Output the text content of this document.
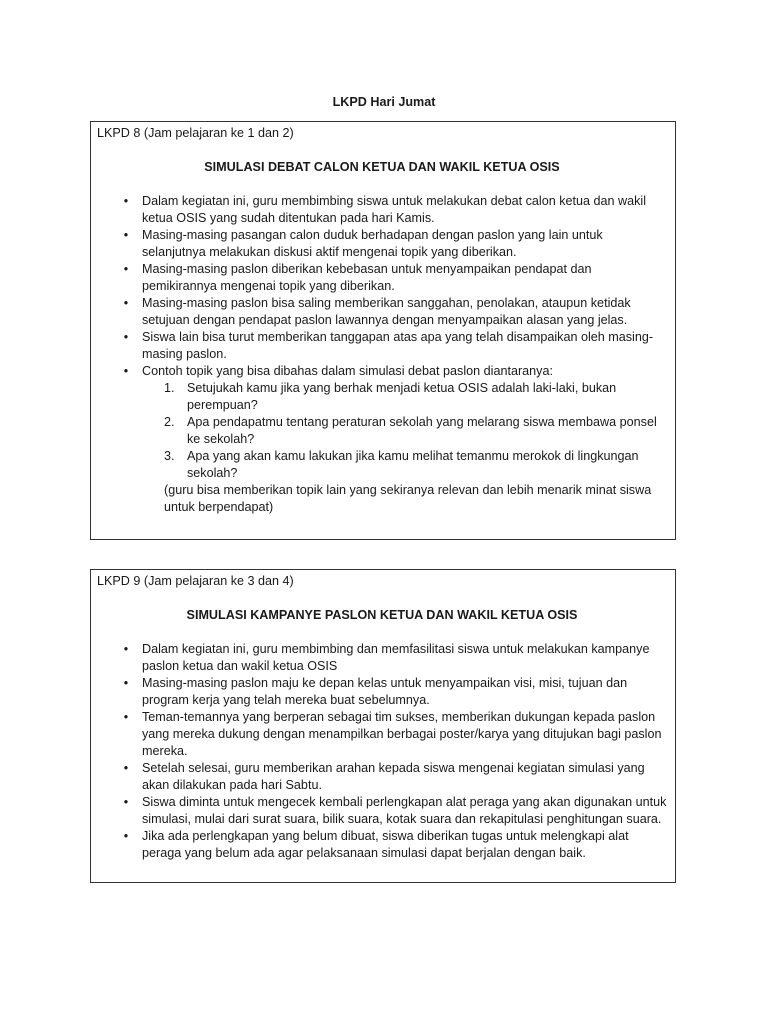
LKPD Hari Jumat
LKPD 8 (Jam pelajaran ke 1 dan 2)
SIMULASI DEBAT CALON KETUA DAN WAKIL KETUA OSIS
• Dalam kegiatan ini, guru membimbing siswa untuk melakukan debat calon ketua dan wakil ketua OSIS yang sudah ditentukan pada hari Kamis.
• Masing-masing pasangan calon duduk berhadapan dengan paslon yang lain untuk selanjutnya melakukan diskusi aktif mengenai topik yang diberikan.
• Masing-masing paslon diberikan kebebasan untuk menyampaikan pendapat dan pemikirannya mengenai topik yang diberikan.
• Masing-masing paslon bisa saling memberikan sanggahan, penolakan, ataupun ketidak setujuan dengan pendapat paslon lawannya dengan menyampaikan alasan yang jelas.
• Siswa lain bisa turut memberikan tanggapan atas apa yang telah disampaikan oleh masing-masing paslon.
• Contoh topik yang bisa dibahas dalam simulasi debat paslon diantaranya:
1. Setujukah kamu jika yang berhak menjadi ketua OSIS adalah laki-laki, bukan perempuan?
2. Apa pendapatmu tentang peraturan sekolah yang melarang siswa membawa ponsel ke sekolah?
3. Apa yang akan kamu lakukan jika kamu melihat temanmu merokok di lingkungan sekolah?
(guru bisa memberikan topik lain yang sekiranya relevan dan lebih menarik minat siswa untuk berpendapat)
LKPD 9 (Jam pelajaran ke 3 dan 4)
SIMULASI KAMPANYE PASLON KETUA DAN WAKIL KETUA OSIS
• Dalam kegiatan ini, guru membimbing dan memfasilitasi siswa untuk melakukan kampanye paslon ketua dan wakil ketua OSIS
• Masing-masing paslon maju ke depan kelas untuk menyampaikan visi, misi, tujuan dan program kerja yang telah mereka buat sebelumnya.
• Teman-temannya yang berperan sebagai tim sukses, memberikan dukungan kepada paslon yang mereka dukung dengan menampilkan berbagai poster/karya yang ditujukan bagi paslon mereka.
• Setelah selesai, guru memberikan arahan kepada siswa mengenai kegiatan simulasi yang akan dilakukan pada hari Sabtu.
• Siswa diminta untuk mengecek kembali perlengkapan alat peraga yang akan digunakan untuk simulasi, mulai dari surat suara, bilik suara, kotak suara dan rekapitulasi penghitungan suara.
• Jika ada perlengkapan yang belum dibuat, siswa diberikan tugas untuk melengkapi alat peraga yang belum ada agar pelaksanaan simulasi dapat berjalan dengan baik.
